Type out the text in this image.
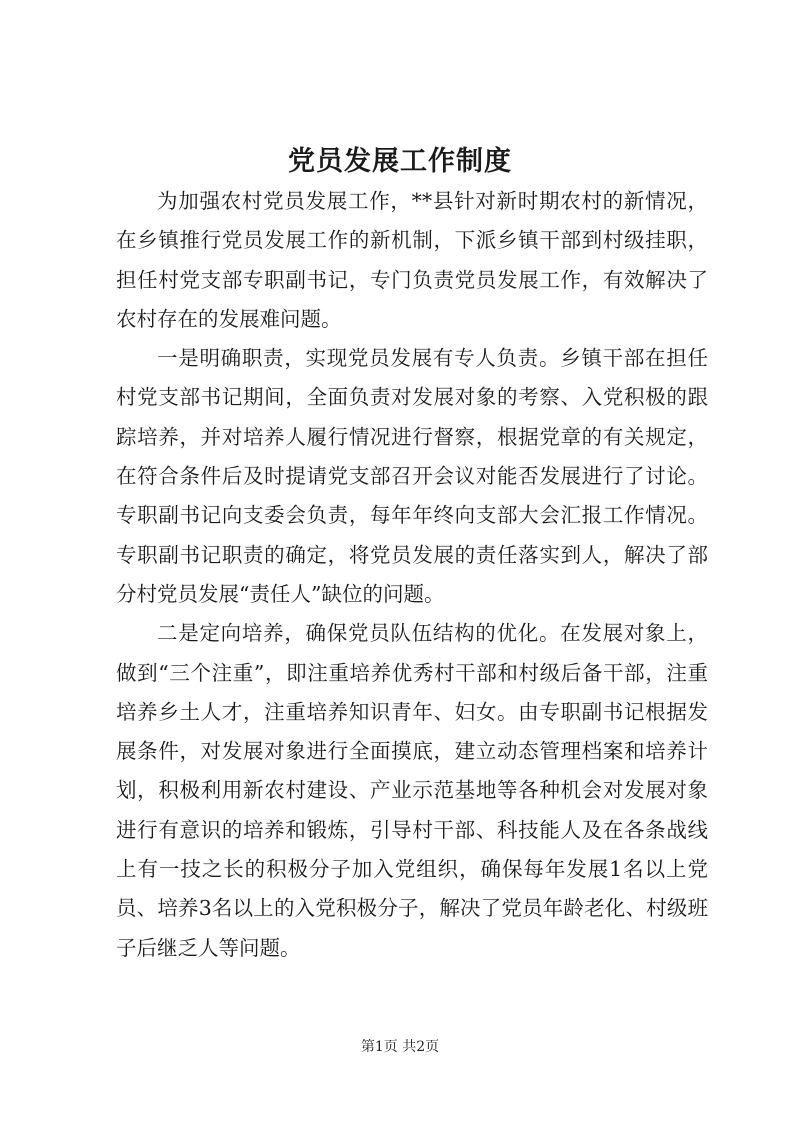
党员发展工作制度

为加强农村党员发展工作，**县针对新时期农村的新情况，在乡镇推行党员发展工作的新机制，下派乡镇干部到村级挂职，担任村党支部专职副书记，专门负责党员发展工作，有效解决了农村存在的发展难问题。

一是明确职责，实现党员发展有专人负责。乡镇干部在担任村党支部书记期间，全面负责对发展对象的考察、入党积极的跟踪培养，并对培养人履行情况进行督察，根据党章的有关规定，在符合条件后及时提请党支部召开会议对能否发展进行了讨论。专职副书记向支委会负责，每年年终向支部大会汇报工作情况。专职副书记职责的确定，将党员发展的责任落实到人，解决了部分村党员发展“责任人”缺位的问题。

二是定向培养，确保党员队伍结构的优化。在发展对象上，做到“三个注重”，即注重培养优秀村干部和村级后备干部，注重培养乡土人才，注重培养知识青年、妇女。由专职副书记根据发展条件，对发展对象进行全面摸底，建立动态管理档案和培养计划，积极利用新农村建设、产业示范基地等各种机会对发展对象进行有意识的培养和锻炼，引导村干部、科技能人及在各条战线上有一技之长的积极分子加入党组织，确保每年发展1名以上党员、培养3名以上的入党积极分子，解决了党员年龄老化、村级班子后继乏人等问题。

第1页 共2页
